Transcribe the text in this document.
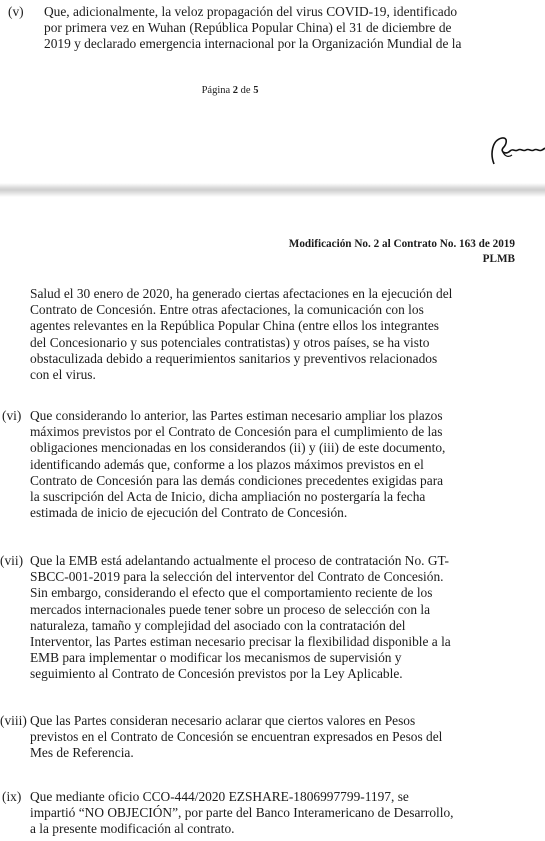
(v) Que, adicionalmente, la veloz propagación del virus COVID-19, identificado
por primera vez en Wuhan (República Popular China) el 31 de diciembre de
2019 y declarado emergencia internacional por la Organización Mundial de la
Página 2 de 5
Modificación No. 2 al Contrato No. 163 de 2019
PLMB
Salud el 30 enero de 2020, ha generado ciertas afectaciones en la ejecución del
Contrato de Concesión. Entre otras afectaciones, la comunicación con los
agentes relevantes en la República Popular China (entre ellos los integrantes
del Concesionario y sus potenciales contratistas) y otros países, se ha visto
obstaculizada debido a requerimientos sanitarios y preventivos relacionados
con el virus.
(vi) Que considerando lo anterior, las Partes estiman necesario ampliar los plazos
máximos previstos por el Contrato de Concesión para el cumplimiento de las
obligaciones mencionadas en los considerandos (ii) y (iii) de este documento,
identificando además que, conforme a los plazos máximos previstos en el
Contrato de Concesión para las demás condiciones precedentes exigidas para
la suscripción del Acta de Inicio, dicha ampliación no postergaría la fecha
estimada de inicio de ejecución del Contrato de Concesión.
(vii) Que la EMB está adelantando actualmente el proceso de contratación No. GT-
SBCC-001-2019 para la selección del interventor del Contrato de Concesión.
Sin embargo, considerando el efecto que el comportamiento reciente de los
mercados internacionales puede tener sobre un proceso de selección con la
naturaleza, tamaño y complejidad del asociado con la contratación del
Interventor, las Partes estiman necesario precisar la flexibilidad disponible a la
EMB para implementar o modificar los mecanismos de supervisión y
seguimiento al Contrato de Concesión previstos por la Ley Aplicable.
(viii) Que las Partes consideran necesario aclarar que ciertos valores en Pesos
previstos en el Contrato de Concesión se encuentran expresados en Pesos del
Mes de Referencia.
(ix) Que mediante oficio CCO-444/2020 EZSHARE-1806997799-1197, se
impartió “NO OBJECIÓN”, por parte del Banco Interamericano de Desarrollo,
a la presente modificación al contrato.
